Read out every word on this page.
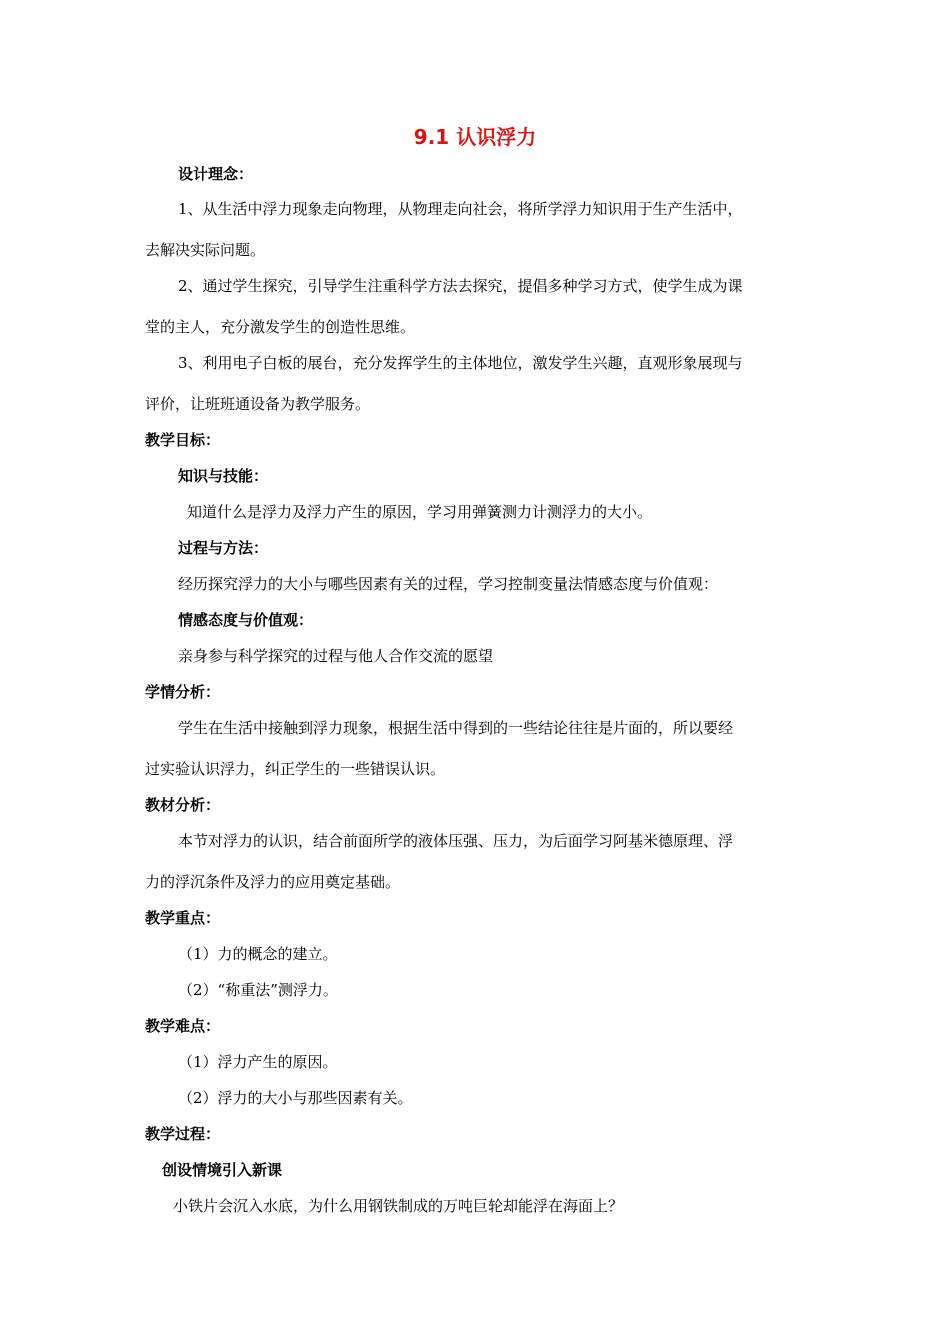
9.1 认识浮力
设计理念：
1、从生活中浮力现象走向物理，从物理走向社会，将所学浮力知识用于生产生活中，
去解决实际问题。
2、通过学生探究，引导学生注重科学方法去探究，提倡多种学习方式，使学生成为课
堂的主人，充分激发学生的创造性思维。
3、利用电子白板的展台，充分发挥学生的主体地位，激发学生兴趣，直观形象展现与
评价，让班班通设备为教学服务。
教学目标：
知识与技能：
知道什么是浮力及浮力产生的原因，学习用弹簧测力计测浮力的大小。
过程与方法：
经历探究浮力的大小与哪些因素有关的过程，学习控制变量法情感态度与价值观：
情感态度与价值观：
亲身参与科学探究的过程与他人合作交流的愿望
学情分析：
学生在生活中接触到浮力现象，根据生活中得到的一些结论往往是片面的，所以要经
过实验认识浮力，纠正学生的一些错误认识。
教材分析：
本节对浮力的认识，结合前面所学的液体压强、压力，为后面学习阿基米德原理、浮
力的浮沉条件及浮力的应用奠定基础。
教学重点：
（1）力的概念的建立。
（2）“称重法”测浮力。
教学难点：
（1）浮力产生的原因。
（2）浮力的大小与那些因素有关。
教学过程：
创设情境引入新课
小铁片会沉入水底，为什么用钢铁制成的万吨巨轮却能浮在海面上？
